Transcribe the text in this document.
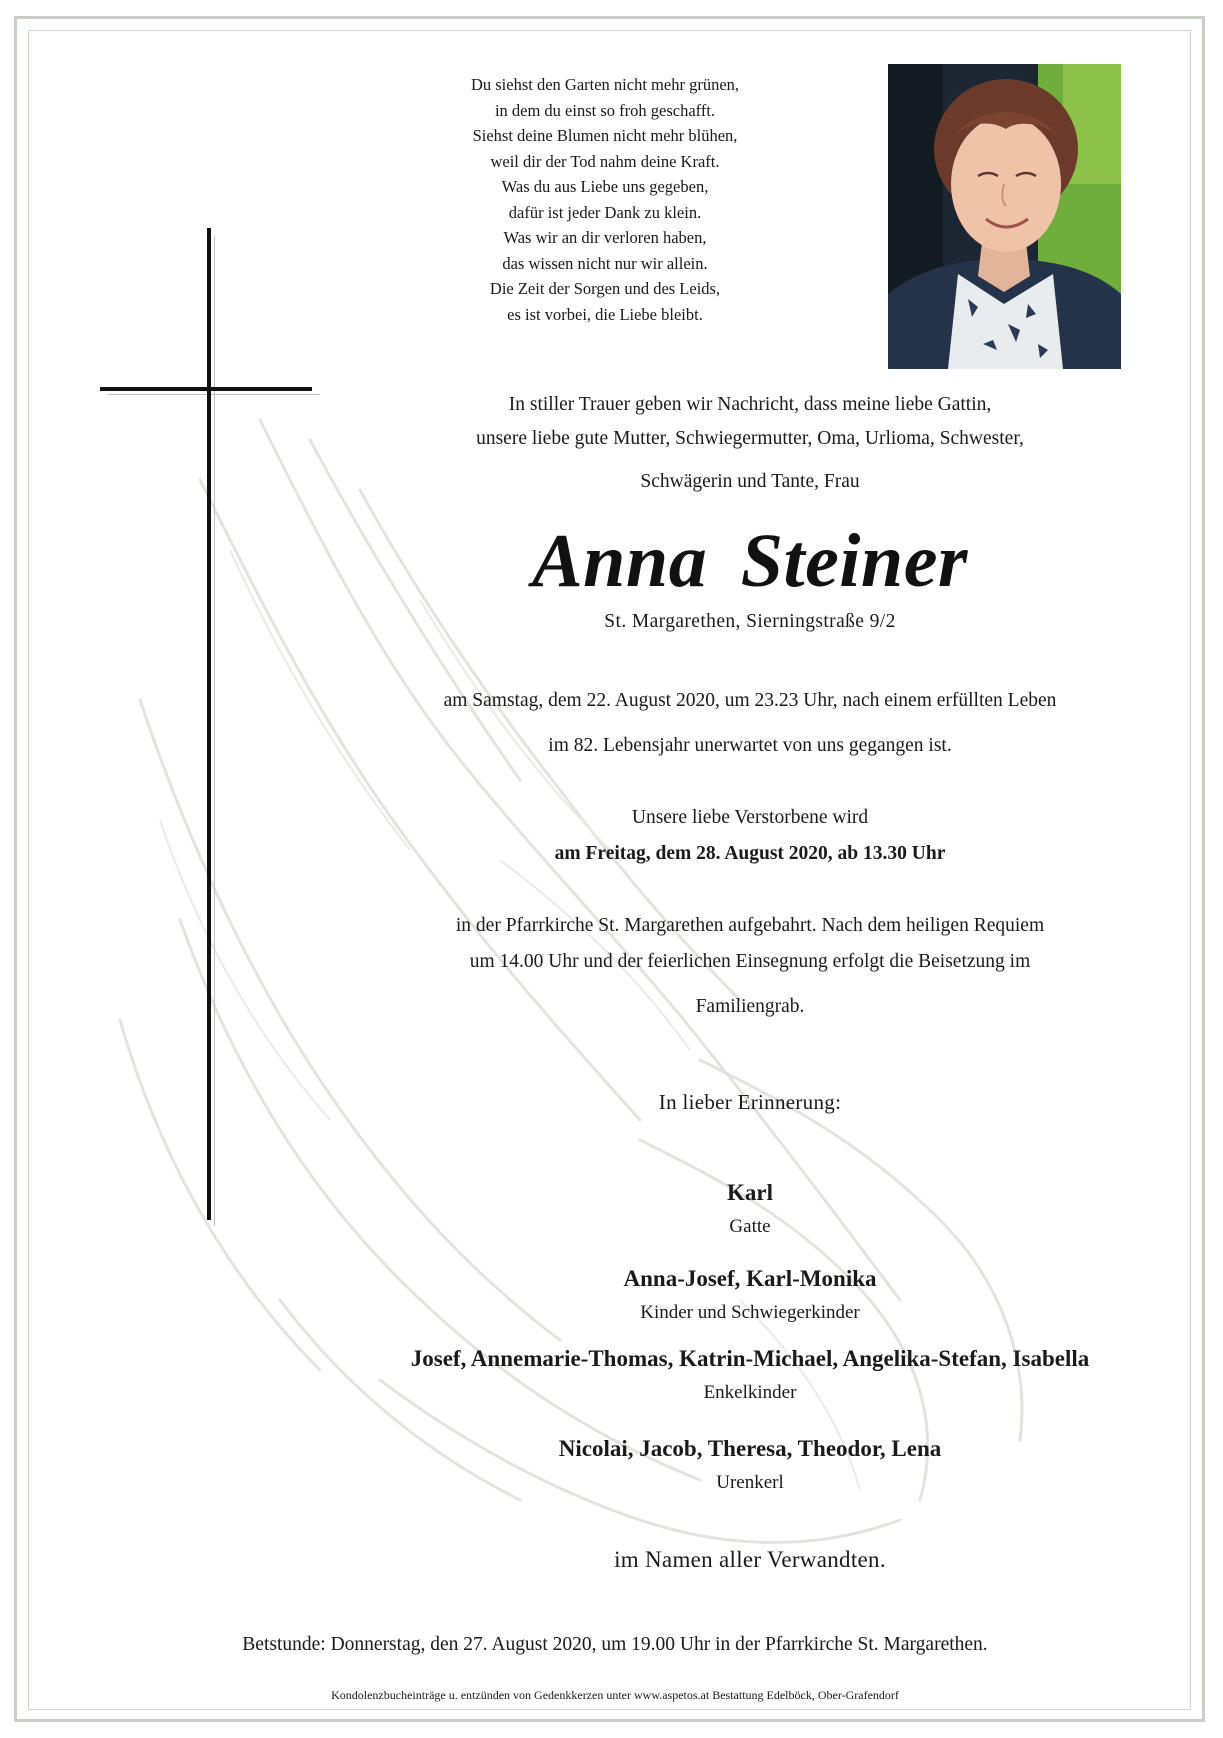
Du siehst den Garten nicht mehr grünen,
in dem du einst so froh geschafft.
Siehst deine Blumen nicht mehr blühen,
weil dir der Tod nahm deine Kraft.
Was du aus Liebe uns gegeben,
dafür ist jeder Dank zu klein.
Was wir an dir verloren haben,
das wissen nicht nur wir allein.
Die Zeit der Sorgen und des Leids,
es ist vorbei, die Liebe bleibt.
In stiller Trauer geben wir Nachricht, dass meine liebe Gattin,
unsere liebe gute Mutter, Schwiegermutter, Oma, Urlioma, Schwester,
Schwägerin und Tante, Frau
Anna Steiner
St. Margarethen, Sierningstraße 9/2
am Samstag, dem 22. August 2020, um 23.23 Uhr, nach einem erfüllten Leben
im 82. Lebensjahr unerwartet von uns gegangen ist.
Unsere liebe Verstorbene wird
am Freitag, dem 28. August 2020, ab 13.30 Uhr
in der Pfarrkirche St. Margarethen aufgebahrt. Nach dem heiligen Requiem
um 14.00 Uhr und der feierlichen Einsegnung erfolgt die Beisetzung im
Familiengrab.
In lieber Erinnerung:
Karl
Gatte
Anna-Josef, Karl-Monika
Kinder und Schwiegerkinder
Josef, Annemarie-Thomas, Katrin-Michael, Angelika-Stefan, Isabella
Enkelkinder
Nicolai, Jacob, Theresa, Theodor, Lena
Urenkerl
im Namen aller Verwandten.
Betstunde: Donnerstag, den 27. August 2020, um 19.00 Uhr in der Pfarrkirche St. Margarethen.
Kondolenzbucheinträge u. entzünden von Gedenkkerzen unter www.aspetos.at Bestattung Edelböck, Ober-Grafendorf
